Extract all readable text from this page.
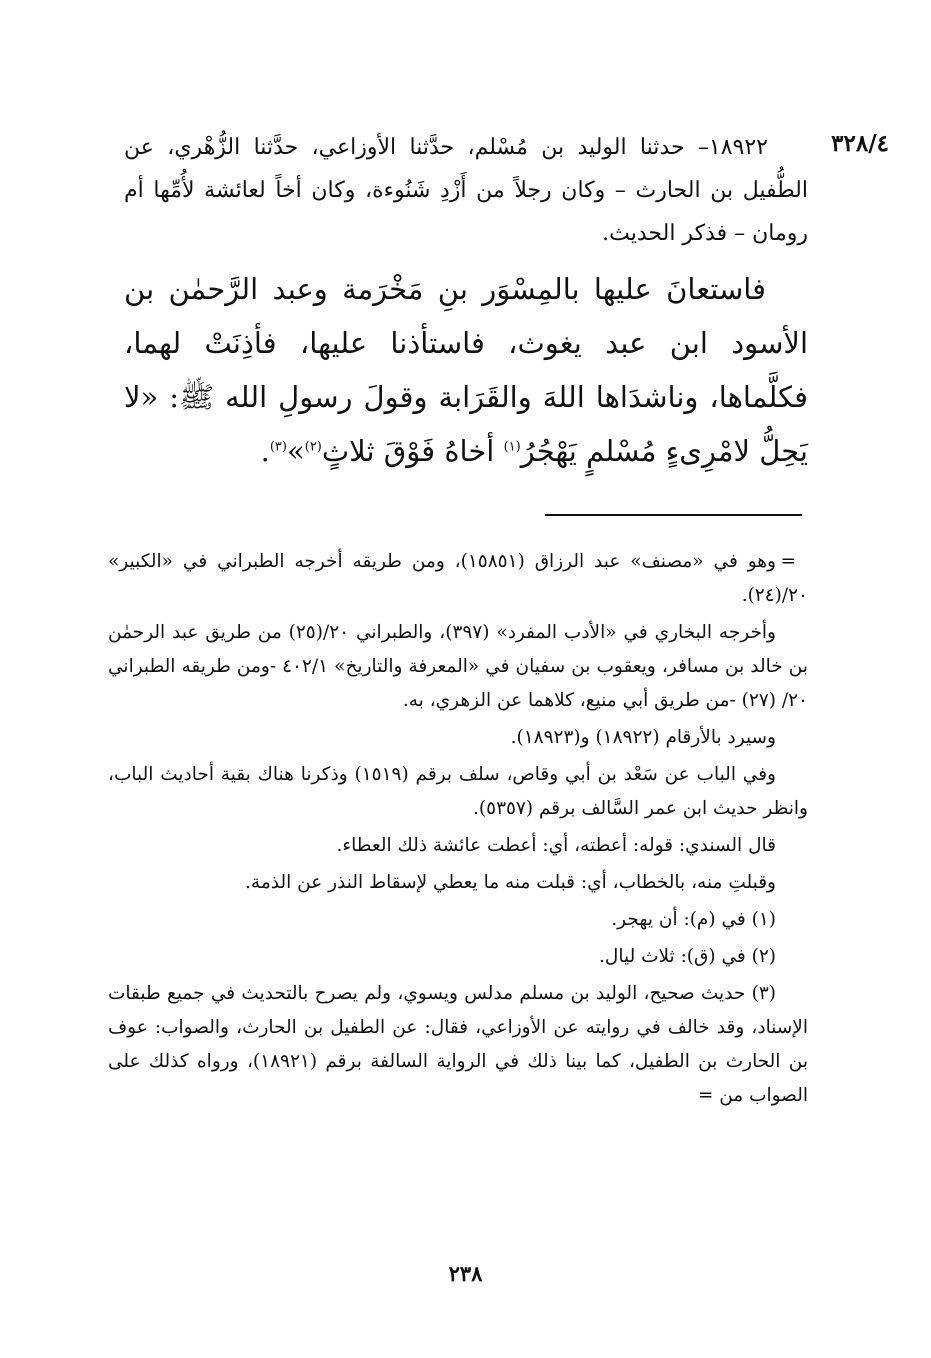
٣٢٨/٤

١٨٩٢٢– حدثنا الوليد بن مُسْلم، حدَّثنا الأوزاعي، حدَّثنا الزُّهْري، عن الطُّفيل بن الحارث – وكان رجلاً من أَزْدِ شَنُوءة، وكان أخاً لعائشة لأُمِّها أم رومان – فذكر الحديث.

فاستعانَ عليها بالمِسْوَر بنِ مَخْرَمة وعبد الرَّحمٰن بن الأسود ابن عبد يغوث، فاستأذنا عليها، فأذِنَتْ لهما، فكلَّماها، وناشدَاها اللهَ والقَرَابة وقولَ رسولِ الله ﷺ: «لا يَحِلُّ لامْرِىءٍ مُسْلمٍ يَهْجُرُ$^{(١)}$ أخاهُ فَوْقَ ثلاثٍ$^{(٢)}$»$^{(٣)}$.

=
وهو في «مصنف» عبد الرزاق (١٥٨٥١)، ومن طريقه أخرجه الطبراني في «الكبير» ٢٠/(٢٤).

وأخرجه البخاري في «الأدب المفرد» (٣٩٧)، والطبراني ٢٠/(٢٥) من طريق عبد الرحمٰن بن خالد بن مسافر، ويعقوب بن سفيان في «المعرفة والتاريخ» ٤٠٢/١ -ومن طريقه الطبراني ٢٠/ (٢٧) -من طريق أبي منيع، كلاهما عن الزهري، به.

وسيرد بالأرقام (١٨٩٢٢) و(١٨٩٢٣).

وفي الباب عن سَعْد بن أبي وقاص، سلف برقم (١٥١٩) وذكرنا هناك بقية أحاديث الباب، وانظر حديث ابن عمر السَّالف برقم (٥٣٥٧).

قال السندي: قوله: أعطته، أي: أعطت عائشة ذلك العطاء.

وقبلتِ منه، بالخطاب، أي: قبلت منه ما يعطي لإسقاط النذر عن الذمة.

(١) في (م): أن يهجر.

(٢) في (ق): ثلاث ليال.

(٣) حديث صحيح، الوليد بن مسلم مدلس ويسوي، ولم يصرح بالتحديث في جميع طبقات الإسناد، وقد خالف في روايته عن الأوزاعي، فقال: عن الطفيل بن الحارث، والصواب: عوف بن الحارث بن الطفيل، كما بينا ذلك في الرواية السالفة برقم (١٨٩٢١)، ورواه كذلك على الصواب من =

٢٣٨
